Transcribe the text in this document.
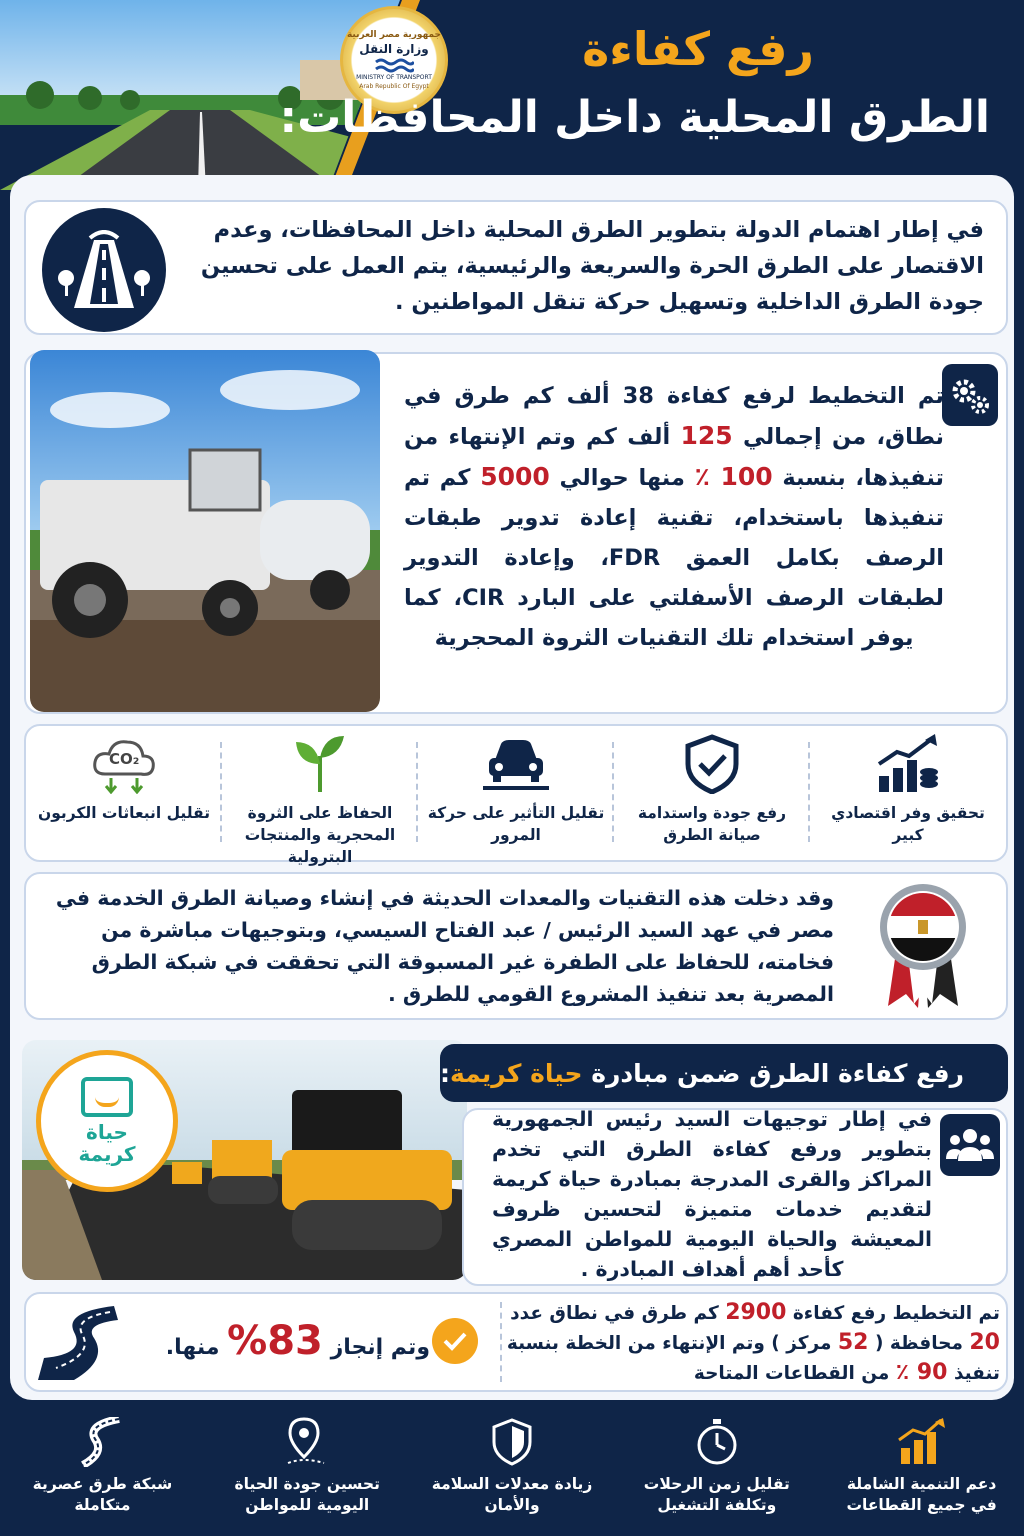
جمهورية مصر العربية
وزارة النقل
MINISTRY OF TRANSPORT
Arab Republic Of Egypt
رفع كفاءة
الطرق المحلية داخل المحافظات:
في إطار اهتمام الدولة بتطوير الطرق المحلية داخل المحافظات، وعدم الاقتصار على الطرق الحرة والسريعة والرئيسية، يتم العمل على تحسين جودة الطرق الداخلية وتسهيل حركة تنقل المواطنين .
تم التخطيط لرفع كفاءة 38 ألف كم طرق في نطاق، من إجمالي 125 ألف كم وتم الإنتهاء من تنفيذها، بنسبة 100 ٪ منها حوالي 5000 كم تم تنفيذها باستخدام، تقنية إعادة تدوير طبقات الرصف بكامل العمق FDR، وإعادة التدوير لطبقات الرصف الأسفلتي على البارد CIR، كما يوفر استخدام تلك التقنيات الثروة المحجرية
تحقيق وفر اقتصادي كبير
رفع جودة واستدامة صيانة الطرق
تقليل التأثير على حركة المرور
الحفاظ على الثروة المحجرية والمنتجات البترولية
CO₂
تقليل انبعاثات الكربون
وقد دخلت هذه التقنيات والمعدات الحديثة في إنشاء وصيانة الطرق الخدمة في مصر في عهد السيد الرئيس / عبد الفتاح السيسي، وبتوجيهات مباشرة من فخامته، للحفاظ على الطفرة غير المسبوقة التي تحققت في شبكة الطرق المصرية بعد تنفيذ المشروع القومي للطرق .
حياة
كريمة
رفع كفاءة الطرق ضمن مبادرة

حياة كريمة
:
في إطار توجيهات السيد رئيس الجمهورية بتطوير ورفع كفاءة الطرق التي تخدم المراكز والقرى المدرجة بمبادرة حياة كريمة لتقديم خدمات متميزة لتحسين ظروف المعيشة والحياة اليومية للمواطن المصري كأحد أهم أهداف المبادرة .
وتم إنجاز 83% منها.
تم التخطيط رفع كفاءة 2900 كم طرق في نطاق عدد 20 محافظة ( 52 مركز ) وتم الإنتهاء من الخطة بنسبة تنفيذ 90 ٪ من القطاعات المتاحة
دعم التنمية الشاملة في جميع القطاعات
تقليل زمن الرحلات وتكلفة التشغيل
زيادة معدلات السلامة والأمان
تحسين جودة الحياة اليومية للمواطن
شبكة طرق عصرية متكاملة
